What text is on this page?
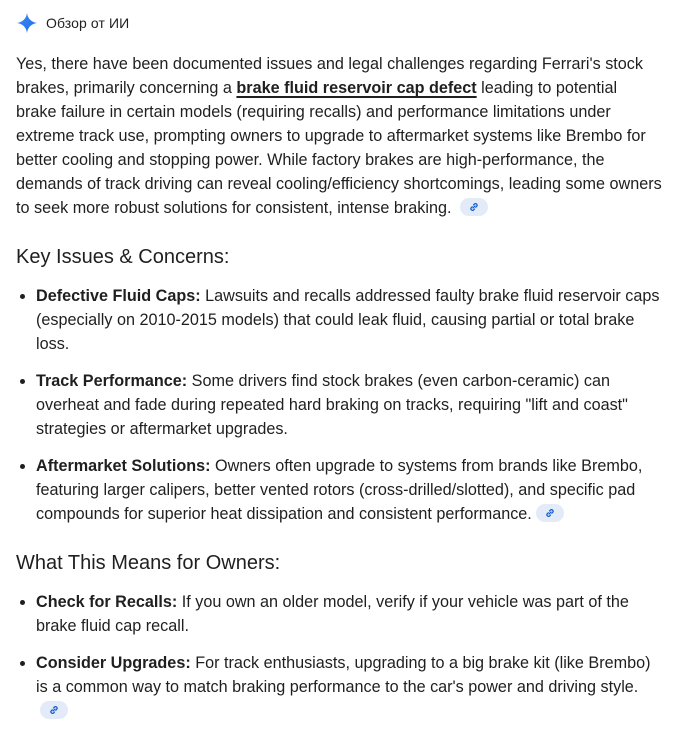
Обзор от ИИ
Yes, there have been documented issues and legal challenges regarding Ferrari's stock brakes, primarily concerning a brake fluid reservoir cap defect leading to potential brake failure in certain models (requiring recalls) and performance limitations under extreme track use, prompting owners to upgrade to aftermarket systems like Brembo for better cooling and stopping power. While factory brakes are high-performance, the demands of track driving can reveal cooling/efficiency shortcomings, leading some owners to seek more robust solutions for consistent, intense braking.
Key Issues & Concerns:
Defective Fluid Caps: Lawsuits and recalls addressed faulty brake fluid reservoir caps (especially on 2010-2015 models) that could leak fluid, causing partial or total brake loss.
Track Performance: Some drivers find stock brakes (even carbon-ceramic) can overheat and fade during repeated hard braking on tracks, requiring "lift and coast" strategies or aftermarket upgrades.
Aftermarket Solutions: Owners often upgrade to systems from brands like Brembo, featuring larger calipers, better vented rotors (cross-drilled/slotted), and specific pad compounds for superior heat dissipation and consistent performance.
What This Means for Owners:
Check for Recalls: If you own an older model, verify if your vehicle was part of the brake fluid cap recall.
Consider Upgrades: For track enthusiasts, upgrading to a big brake kit (like Brembo) is a common way to match braking performance to the car's power and driving style.
